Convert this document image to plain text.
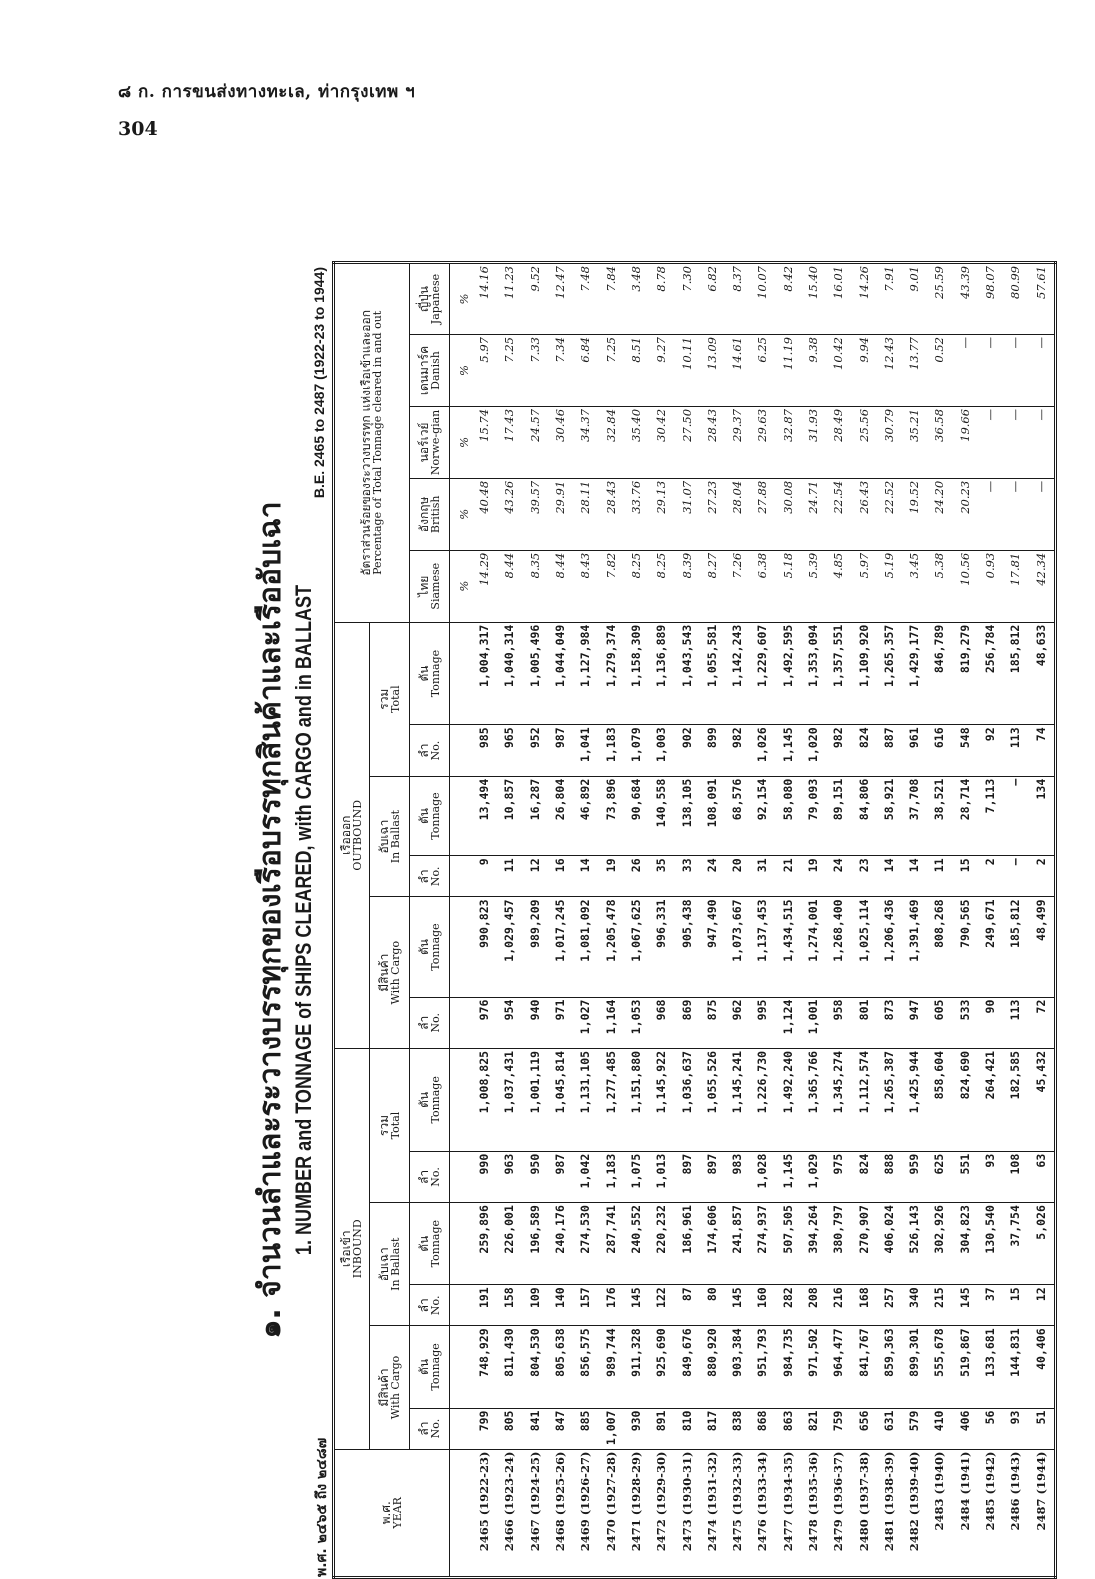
๘ ก. การขนส่งทางทะเล, ท่ากรุงเทพ ฯ
304
๑. จำนวนลำและระวางบรรทุกของเรือบรรทุกสินค้าและเรืออับเฉา 1. NUMBER and TONNAGE of SHIPS CLEARED, with CARGO and in BALLAST
พ.ศ. ๒๔๖๕ ถึง ๒๔๘๗
B.E. 2465 to 2487 (1922-23 to 1944)
พ.ศ.
YEAR	เรือเข้า
INBOUND						เรือออก
OUTBOUND						อัตราส่วนร้อยของระวางบรรทุก แห่งเรือเข้าและออก
Percentage of Total Tonnage cleared in and out				

	มีสินค้า
With Cargo		อับเฉา
In Ballast		รวม
Total		มีสินค้า
With Cargo		อับเฉา
In Ballast		รวม
Total						

	ลำ
No.	ตัน
Tonnage	ลำ
No.	ตัน
Tonnage	ลำ
No.	ตัน
Tonnage	ลำ
No.	ตัน
Tonnage	ลำ
No.	ตัน
Tonnage	ลำ
No.	ตัน
Tonnage	ไทย
Siamese	อังกฤษ
British	นอร์เวย์
Norwe-gian	เดนมาร์ค
Danish	ญี่ปุ่น
Japanese

													%	%	%	%	%
2465 (1922-23)	799	748,929	191	259,896	990	1,008,825	976	990,823	9	13,494	985	1,004,317	14.29	40.48	15.74	5.97	14.16
2466 (1923-24)	805	811,430	158	226,001	963	1,037,431	954	1,029,457	11	10,857	965	1,040,314	8.44	43.26	17.43	7.25	11.23
2467 (1924-25)	841	804,530	109	196,589	950	1,001,119	940	989,209	12	16,287	952	1,005,496	8.35	39.57	24.57	7.33	9.52
2468 (1925-26)	847	805,638	140	240,176	987	1,045,814	971	1,017,245	16	26,804	987	1,044,049	8.44	29.91	30.46	7.34	12.47
2469 (1926-27)	885	856,575	157	274,530	1,042	1,131,105	1,027	1,081,092	14	46,892	1,041	1,127,984	8.43	28.11	34.37	6.84	7.48
2470 (1927-28)	1,007	989,744	176	287,741	1,183	1,277,485	1,164	1,205,478	19	73,896	1,183	1,279,374	7.82	28.43	32.84	7.25	7.84
2471 (1928-29)	930	911,328	145	240,552	1,075	1,151,880	1,053	1,067,625	26	90,684	1,079	1,158,309	8.25	33.76	35.40	8.51	3.48
2472 (1929-30)	891	925,690	122	220,232	1,013	1,145,922	968	996,331	35	140,558	1,003	1,136,889	8.25	29.13	30.42	9.27	8.78
2473 (1930-31)	810	849,676	87	186,961	897	1,036,637	869	905,438	33	138,105	902	1,043,543	8.39	31.07	27.50	10.11	7.30
2474 (1931-32)	817	880,920	80	174,606	897	1,055,526	875	947,490	24	108,091	899	1,055,581	8.27	27.23	28.43	13.09	6.82
2475 (1932-33)	838	903,384	145	241,857	983	1,145,241	962	1,073,667	20	68,576	982	1,142,243	7.26	28.04	29.37	14.61	8.37
2476 (1933-34)	868	951,793	160	274,937	1,028	1,226,730	995	1,137,453	31	92,154	1,026	1,229,607	6.38	27.88	29.63	6.25	10.07
2477 (1934-35)	863	984,735	282	507,505	1,145	1,492,240	1,124	1,434,515	21	58,080	1,145	1,492,595	5.18	30.08	32.87	11.19	8.42
2478 (1935-36)	821	971,502	208	394,264	1,029	1,365,766	1,001	1,274,001	19	79,093	1,020	1,353,094	5.39	24.71	31.93	9.38	15.40
2479 (1936-37)	759	964,477	216	380,797	975	1,345,274	958	1,268,400	24	89,151	982	1,357,551	4.85	22.54	28.49	10.42	16.01
2480 (1937-38)	656	841,767	168	270,907	824	1,112,574	801	1,025,114	23	84,806	824	1,109,920	5.97	26.43	25.56	9.94	14.26
2481 (1938-39)	631	859,363	257	406,024	888	1,265,387	873	1,206,436	14	58,921	887	1,265,357	5.19	22.52	30.79	12.43	7.91
2482 (1939-40)	579	899,301	340	526,143	959	1,425,944	947	1,391,469	14	37,708	961	1,429,177	3.45	19.52	35.21	13.77	9.01
2483 (1940)	410	555,678	215	302,926	625	858,604	605	808,268	11	38,521	616	846,789	5.38	24.20	36.58	0.52	25.59
2484 (1941)	406	519,867	145	304,823	551	824,690	533	790,565	15	28,714	548	819,279	10.56	20.23	19.66	—	43.39
2485 (1942)	56	133,681	37	130,540	93	264,421	90	249,671	2	7,113	92	256,784	0.93	—	—	—	98.07
2486 (1943)	93	144,831	15	37,754	108	182,585	113	185,812	—	—	113	185,812	17.81	—	—	—	80.99
2487 (1944)	51	40,406	12	5,026	63	45,432	72	48,499	2	134	74	48,633	42.34	—	—	—	57.61
